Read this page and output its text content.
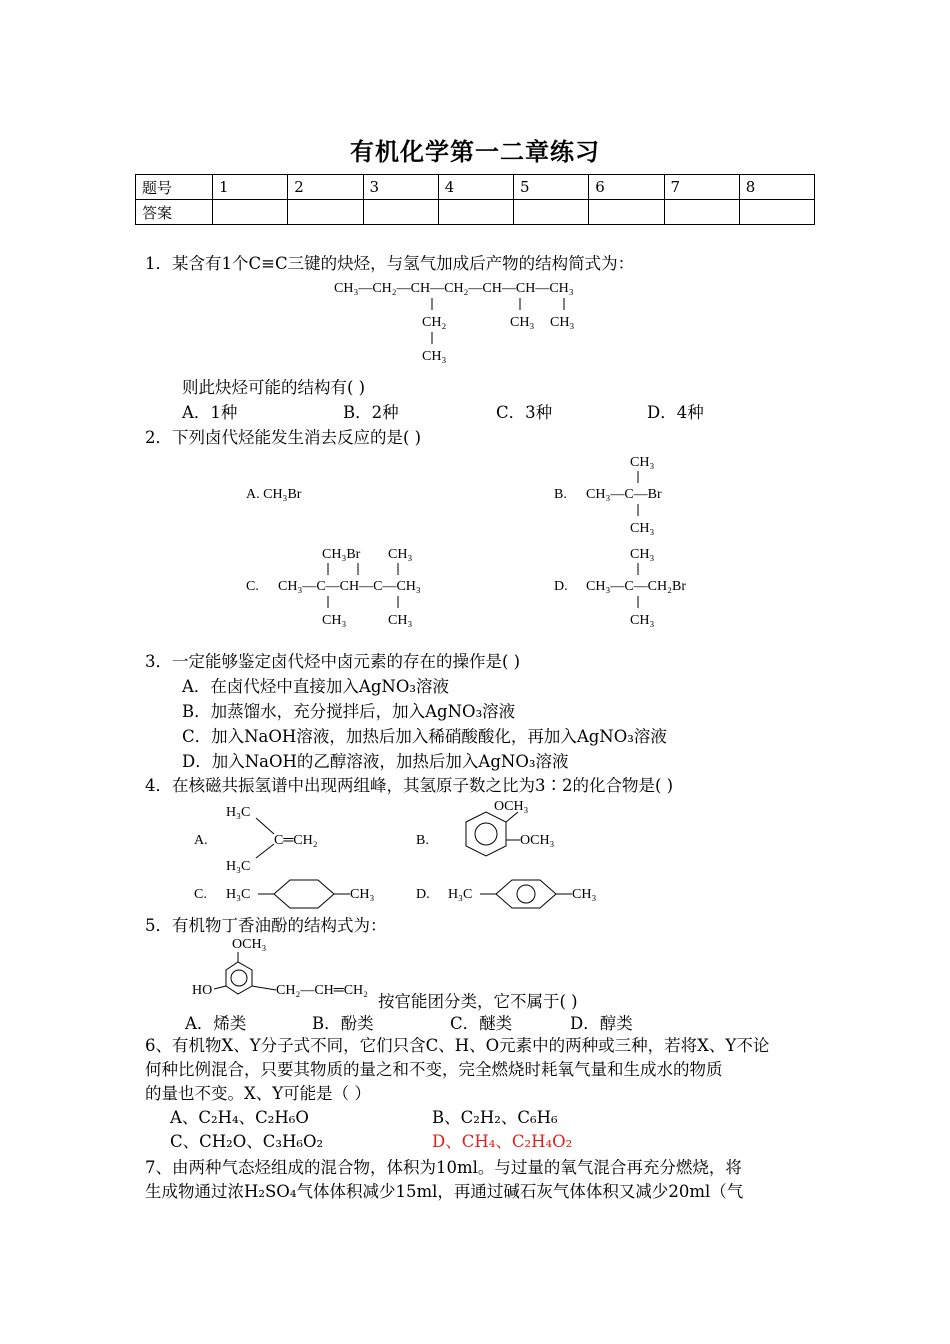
有机化学第一二章练习
题号	1	2	3	4	5	6	7	8
答案								
1．某含有1个C≡C三键的炔烃，与氢气加成后产物的结构简式为：
CH₃—CH₂—CH—CH₂—CH—CH—CH₃
CH₂	CH₃ CH₃
CH₃
则此炔烃可能的结构有( )
A．1种	B．2种	C．3种	D．4种
2．下列卤代烃能发生消去反应的是( )
A. CH₃Br	B.
CH₃
CH₃—C—Br
CH₃
C.
CH₃Br CH₃
CH₃—C—CH—C—CH₃
CH₃	CH₃
D.
CH₃
CH₃—C—CH₂Br
CH₃
3．一定能够鉴定卤代烃中卤元素的存在的操作是( )
A．在卤代烃中直接加入AgNO₃溶液
B．加蒸馏水，充分搅拌后，加入AgNO₃溶液
C．加入NaOH溶液，加热后加入稀硝酸酸化，再加入AgNO₃溶液
D．加入NaOH的乙醇溶液，加热后加入AgNO₃溶液
4．在核磁共振氢谱中出现两组峰，其氢原子数之比为3∶2的化合物是( )
A.
H₃C
H₃C
C═CH₂	B.
OCH₃
OCH₃
C. H₃C	CH₃	D. H₃C	CH₃
5．有机物丁香油酚的结构式为：
OCH₃
HO	CH₂—CH═CH₂
按官能团分类，它不属于( )
A．烯类	B．酚类	C．醚类	D．醇类
6、有机物X、Y分子式不同，它们只含C、H、O元素中的两种或三种，若将X、Y不论
何种比例混合，只要其物质的量之和不变，完全燃烧时耗氧气量和生成水的物质
的量也不变。X、Y可能是（ ）
A、C₂H₄、C₂H₆O	B、C₂H₂、C₆H₆
C、CH₂O、C₃H₆O₂	D、CH₄、C₂H₄O₂
7、由两种气态烃组成的混合物，体积为10ml。与过量的氧气混合再充分燃烧，将
生成物通过浓H₂SO₄气体体积减少15ml，再通过碱石灰气体体积又减少20ml（气
